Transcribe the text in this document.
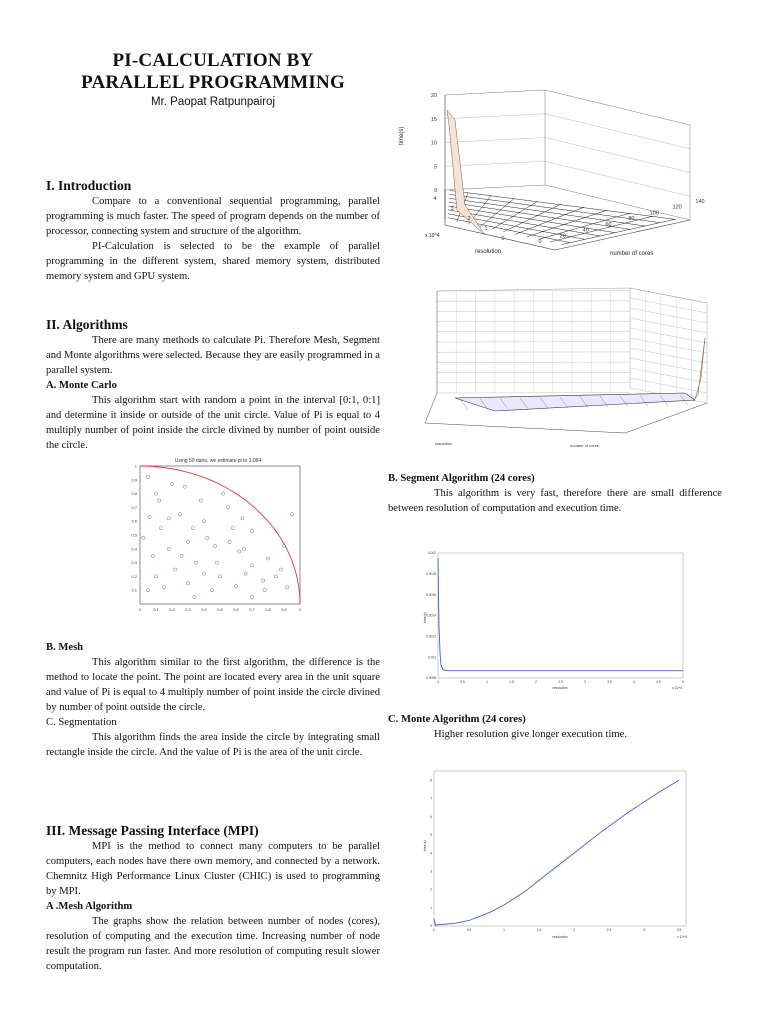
PI-CALCULATION BY
PARALLEL PROGRAMMING
Mr. Paopat Ratpunpairoj
I. Introduction

Compare to a conventional sequential programming, parallel programming is much faster. The speed of program depends on the number of processor, connecting system and structure of the algorithm.

PI-Calculation is selected to be the example of parallel programming in the different system, shared memory system, distributed memory system and GPU system.

II. Algorithms

There are many methods to calculate Pi. Therefore Mesh, Segment and Monte algorithms were selected. Because they are easily programmed in a parallel system.

A. Monte Carlo

This algorithm start with random a point in the interval [0:1, 0:1] and determine it inside or outside of the unit circle. Value of Pi is equal to 4 multiply number of point inside the circle divined by number of point outside the circle.

Using 50 darts, we estimate pi to 3.064
0	0.1	0.2	0.3	0.4	0.5	0.6	0.7	0.8	0.9	1
0.1
0.2
0.3
0.4
0.5
0.6
0.7
0.8
0.9
1
B. Mesh

This algorithm similar to the first algorithm, the difference is the method to locate the point. The point are located every area in the unit square and value of Pi is equal to 4 multiply number of point inside the circle divined by number of point outside the circle.

C. Segmentation

This algorithm finds the area inside the circle by integrating small rectangle inside the circle. And the value of Pi is the area of the unit circle.

III. Message Passing Interface (MPI)

MPI is the method to connect many computers to be parallel computers, each nodes have there own memory, and connected by a network. Chemnitz High Performance Linux Cluster (CHIC) is used to programming by MPI.

A .Mesh Algorithm

The graphs show the relation between number of nodes (cores), resolution of computing and the execution time. Increasing number of node result the program run faster. And more resolution of computing result slower computation.

0
5
10
15
20
0
1
2
3
4
0
20
40
60
80
100
120
140
time(s)
resolution	number of cores
x 10^4
resolution	number of cores
B. Segment Algorithm (24 cores)

This algorithm is very fast, therefore there are small difference between resolution of computation and execution time.

0.002
0.0018
0.0016
0.0014
0.0012
0.001
0.0008
0	0.5	1	1.5	2	2.5	3	3.5	4	4.5	5
time(s)
resolution	x 10^4
C. Monte Algorithm (24 cores)

Higher resolution give longer execution time.

0
1
2
3
4
5
6
7
8
0	0.5	1	1.5	2	2.5	3	3.5
time(s)
resolution	x 10^4
